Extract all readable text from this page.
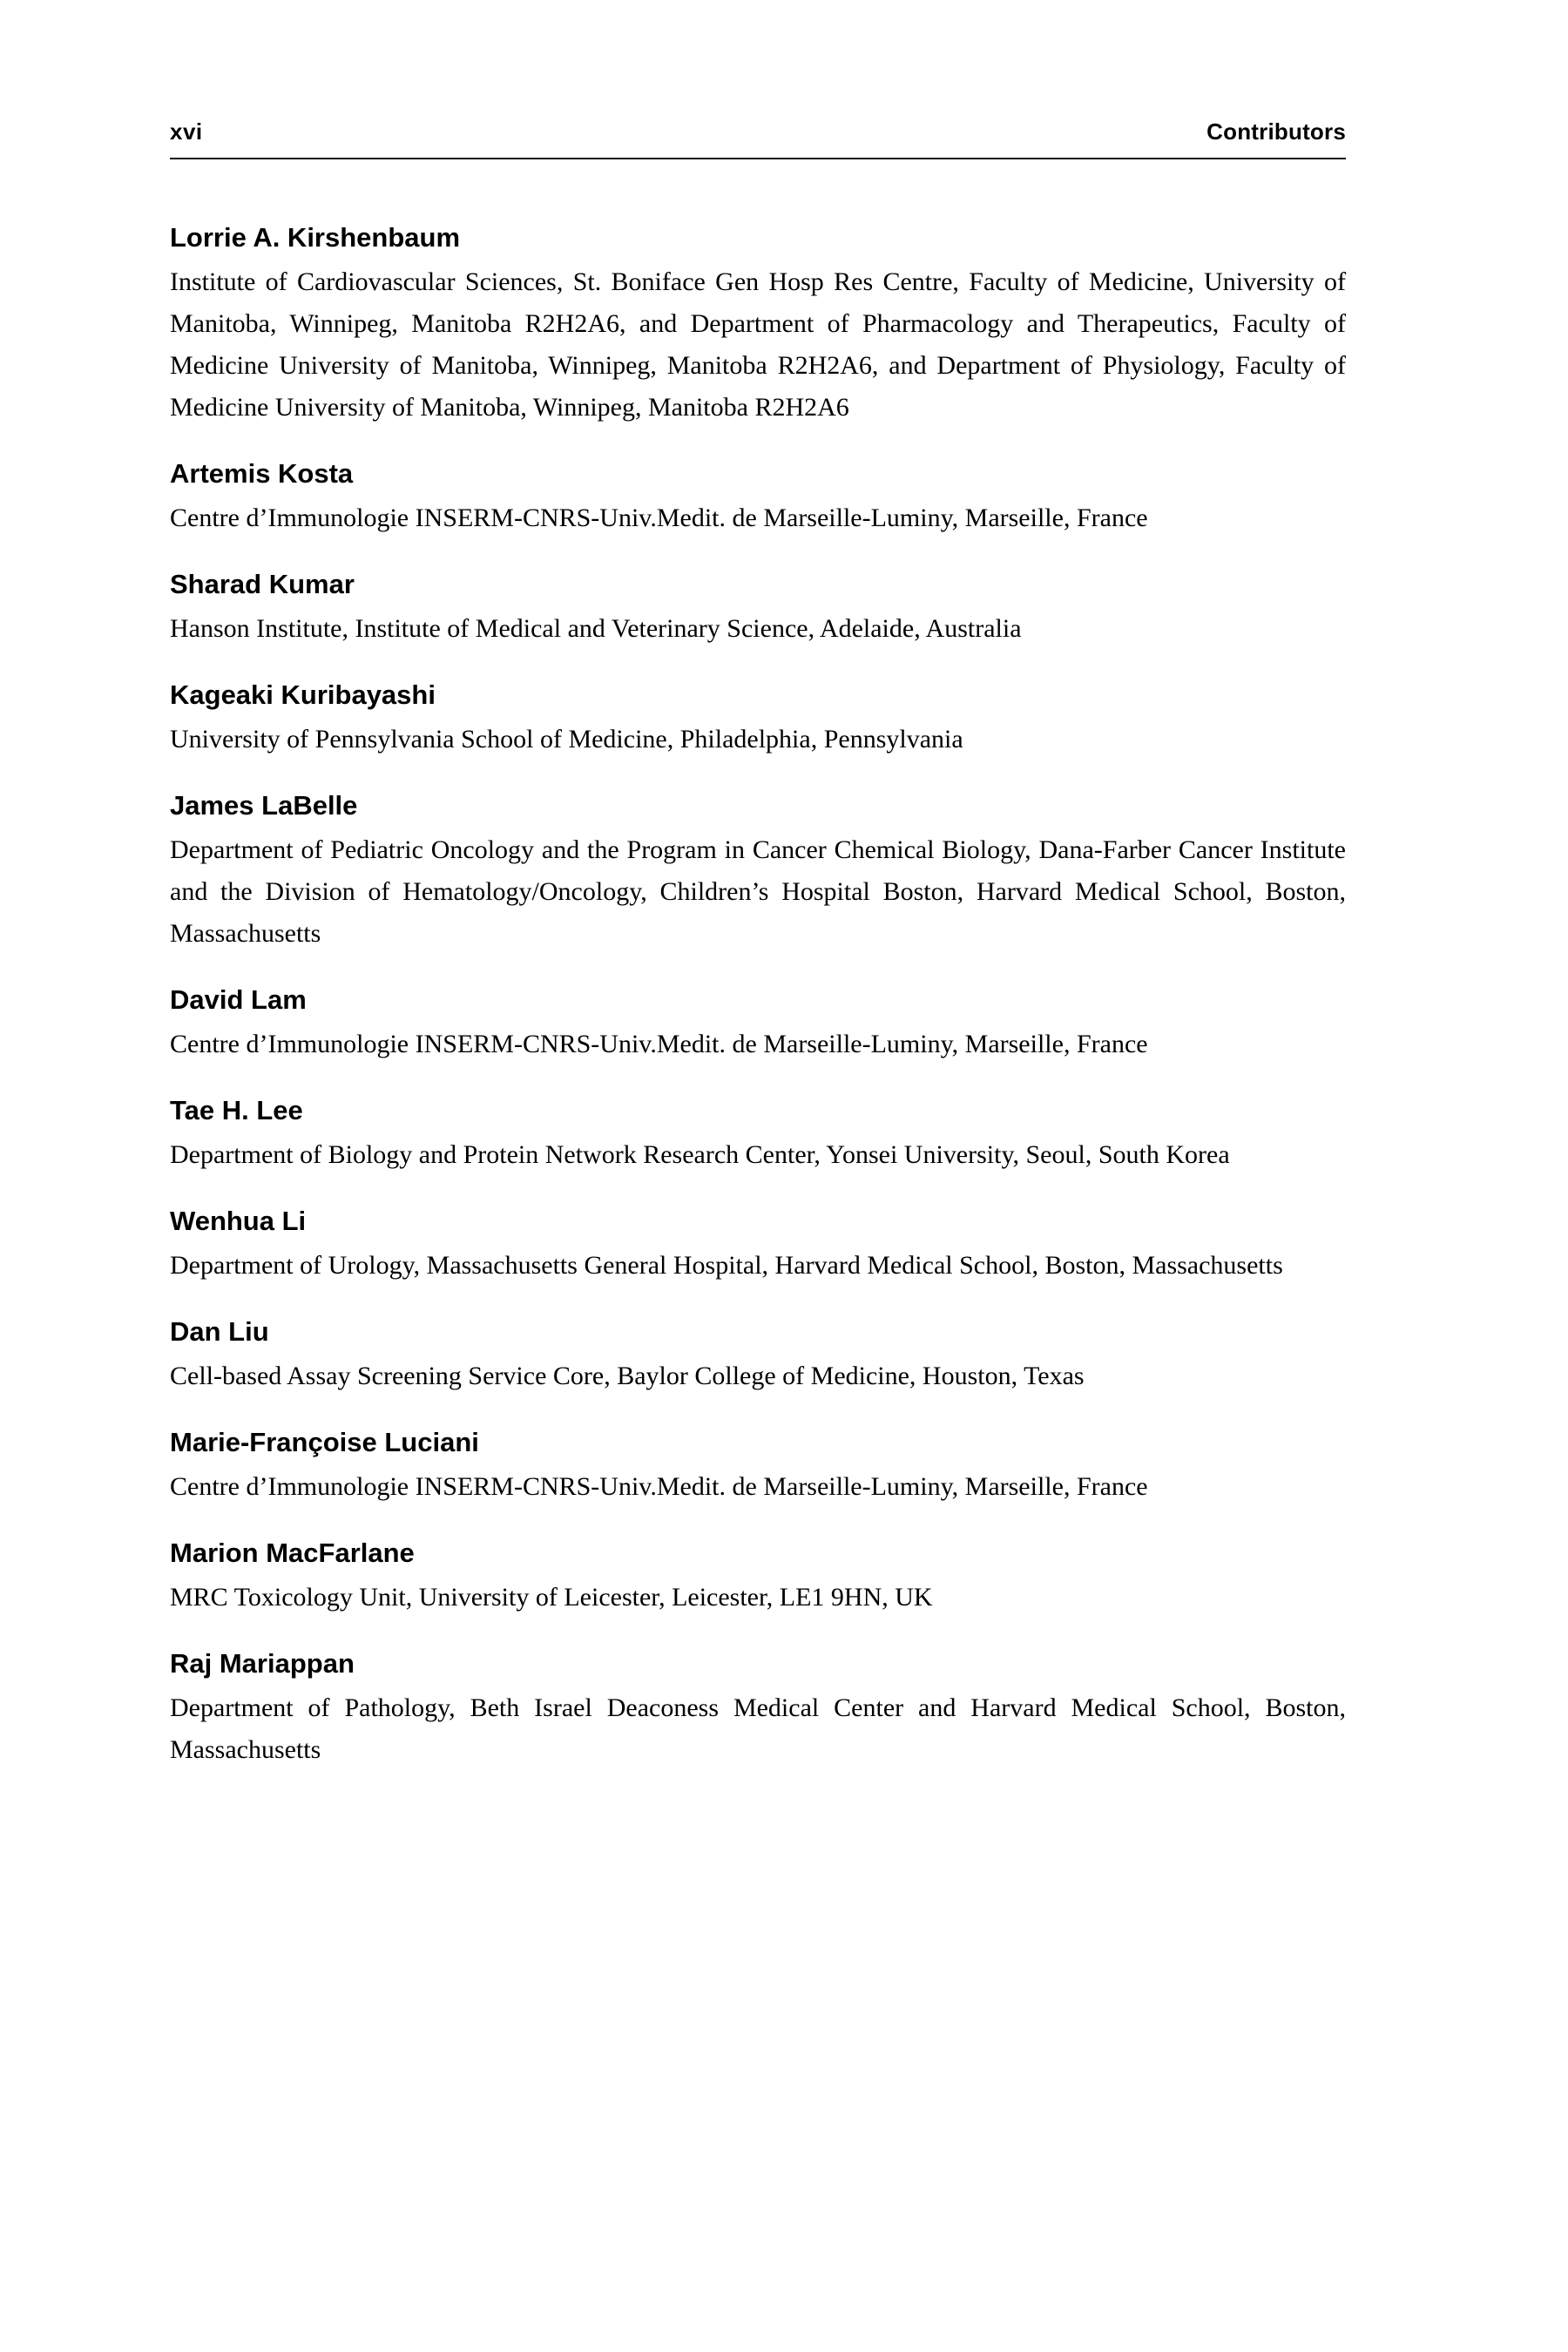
xvi	Contributors
Lorrie A. Kirshenbaum

Institute of Cardiovascular Sciences, St. Boniface Gen Hosp Res Centre, Faculty of Medicine, University of Manitoba, Winnipeg, Manitoba R2H2A6, and Department of Pharmacology and Therapeutics, Faculty of Medicine University of Manitoba, Winnipeg, Manitoba R2H2A6, and Department of Physiology, Faculty of Medicine University of Manitoba, Winnipeg, Manitoba R2H2A6

Artemis Kosta

Centre d’Immunologie INSERM-CNRS-Univ.Medit. de Marseille-Luminy, Marseille, France

Sharad Kumar

Hanson Institute, Institute of Medical and Veterinary Science, Adelaide, Australia

Kageaki Kuribayashi

University of Pennsylvania School of Medicine, Philadelphia, Pennsylvania

James LaBelle

Department of Pediatric Oncology and the Program in Cancer Chemical Biology, Dana-Farber Cancer Institute and the Division of Hematology/Oncology, Children’s Hospital Boston, Harvard Medical School, Boston, Massachusetts

David Lam

Centre d’Immunologie INSERM-CNRS-Univ.Medit. de Marseille-Luminy, Marseille, France

Tae H. Lee

Department of Biology and Protein Network Research Center, Yonsei University, Seoul, South Korea

Wenhua Li

Department of Urology, Massachusetts General Hospital, Harvard Medical School, Boston, Massachusetts

Dan Liu

Cell-based Assay Screening Service Core, Baylor College of Medicine, Houston, Texas

Marie-Françoise Luciani

Centre d’Immunologie INSERM-CNRS-Univ.Medit. de Marseille-Luminy, Marseille, France

Marion MacFarlane

MRC Toxicology Unit, University of Leicester, Leicester, LE1 9HN, UK

Raj Mariappan

Department of Pathology, Beth Israel Deaconess Medical Center and Harvard Medical School, Boston, Massachusetts
